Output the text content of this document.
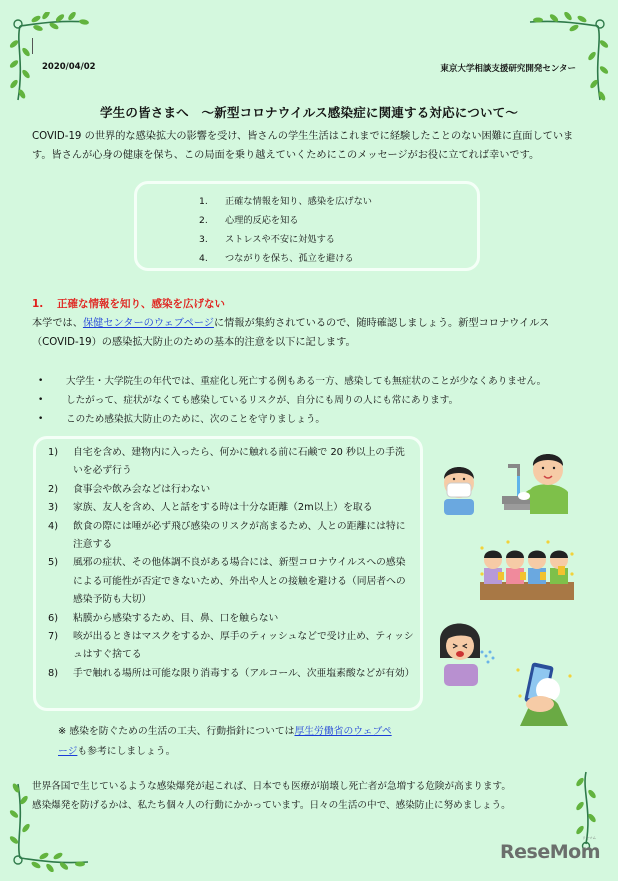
2020/04/02	東京大学相談支援研究開発センター
学生の皆さまへ　～新型コロナウイルス感染症に関連する対応について～
COVID-19 の世界的な感染拡大の影響を受け、皆さんの学生生活はこれまでに経験したことのない困難に直面しています。皆さんが心身の健康を保ち、この局面を乗り越えていくためにこのメッセージがお役に立てれば幸いです。
1.	正確な情報を知り、感染を広げない
2.	心理的反応を知る
3.	ストレスや不安に対処する
4.	つながりを保ち、孤立を避ける
1. 正確な情報を知り、感染を広げない
本学では、保健センターのウェブページに情報が集約されているので、随時確認しましょう。新型コロナウイルス（COVID-19）の感染拡大防止のための基本的注意を以下に記します。
•	大学生・大学院生の年代では、重症化し死亡する例もある一方、感染しても無症状のことが少なくありません。
•	したがって、症状がなくても感染しているリスクが、自分にも周りの人にも常にあります。
•	このため感染拡大防止のために、次のことを守りましょう。
1)	自宅を含め、建物内に入ったら、何かに触れる前に石鹸で 20 秒以上の手洗いを必ず行う
2)	食事会や飲み会などは行わない
3)	家族、友人を含め、人と話をする時は十分な距離（2m以上）を取る
4)	飲食の際には唾が必ず飛び感染のリスクが高まるため、人との距離には特に注意する
5)	風邪の症状、その他体調不良がある場合には、新型コロナウイルスへの感染による可能性が否定できないため、外出や人との接触を避ける（同居者への感染予防も大切）
6)	粘膜から感染するため、目、鼻、口を触らない
7)	咳が出るときはマスクをするか、厚手のティッシュなどで受け止め、ティッシュはすぐ捨てる
8)	手で触れる場所は可能な限り消毒する（アルコール、次亜塩素酸などが有効）
※ 感染を防ぐための生活の工夫、行動指針については厚生労働省のウェブページも参考にしましょう。
世界各国で生じているような感染爆発が起これば、日本でも医療が崩壊し死亡者が急増する危険が高まります。
感染爆発を防げるかは、私たち個々人の行動にかかっています。日々の生活の中で、感染防止に努めましょう。
リセマム
ReseMom
